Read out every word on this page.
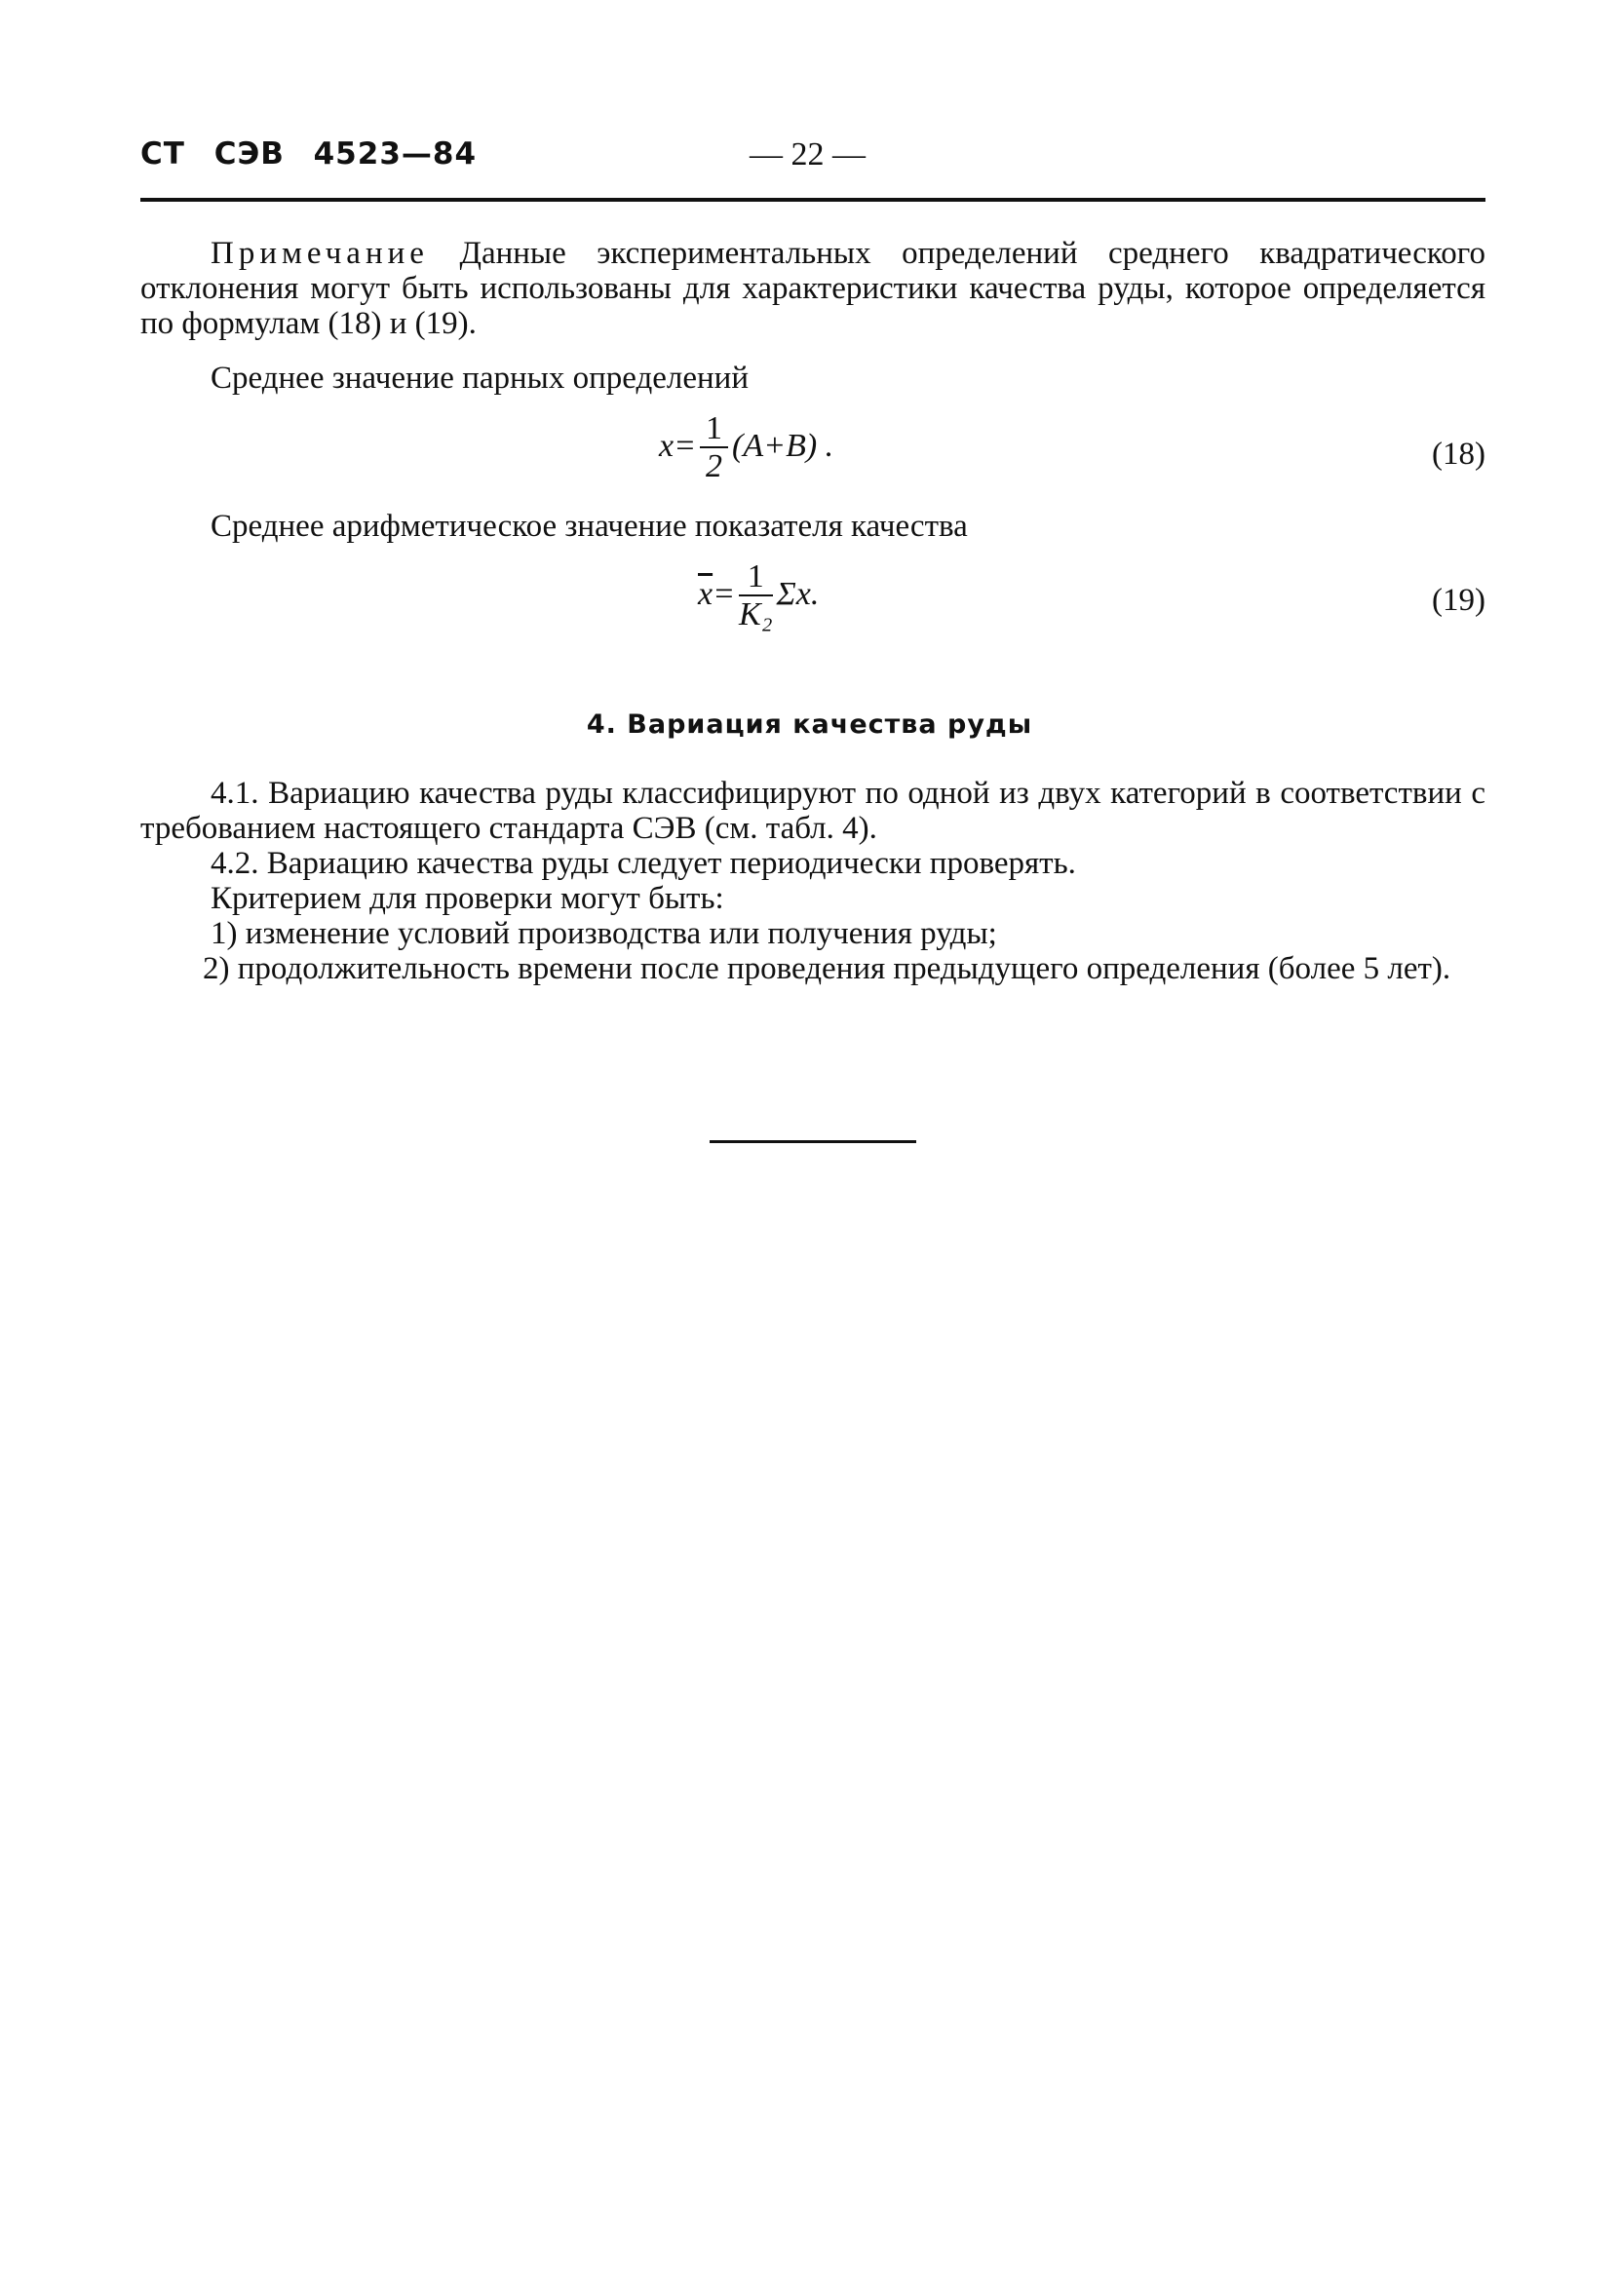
СТ СЭВ 4523—84	— 22 —
Примечание Данные экспериментальных определений среднего квадратического отклонения могут быть использованы для характеристики качества руды, которое определяется по формулам (18) и (19).
Среднее значение парных определений
$x= \frac{1}{2} (A+B)$ .	(18)
Среднее арифметическое значение показателя качества
$\overline{x}= \frac{1}{\text{K₂}} \Sigma x$.	(19)
4. Вариация качества руды
4.1. Вариацию качества руды классифицируют по одной из двух категорий в соответствии с требованием настоящего стандарта СЭВ (см. табл. 4).
4.2. Вариацию качества руды следует периодически проверять.
Критерием для проверки могут быть:
1) изменение условий производства или получения руды;
2) продолжительность времени после проведения предыдущего определения (более 5 лет).
